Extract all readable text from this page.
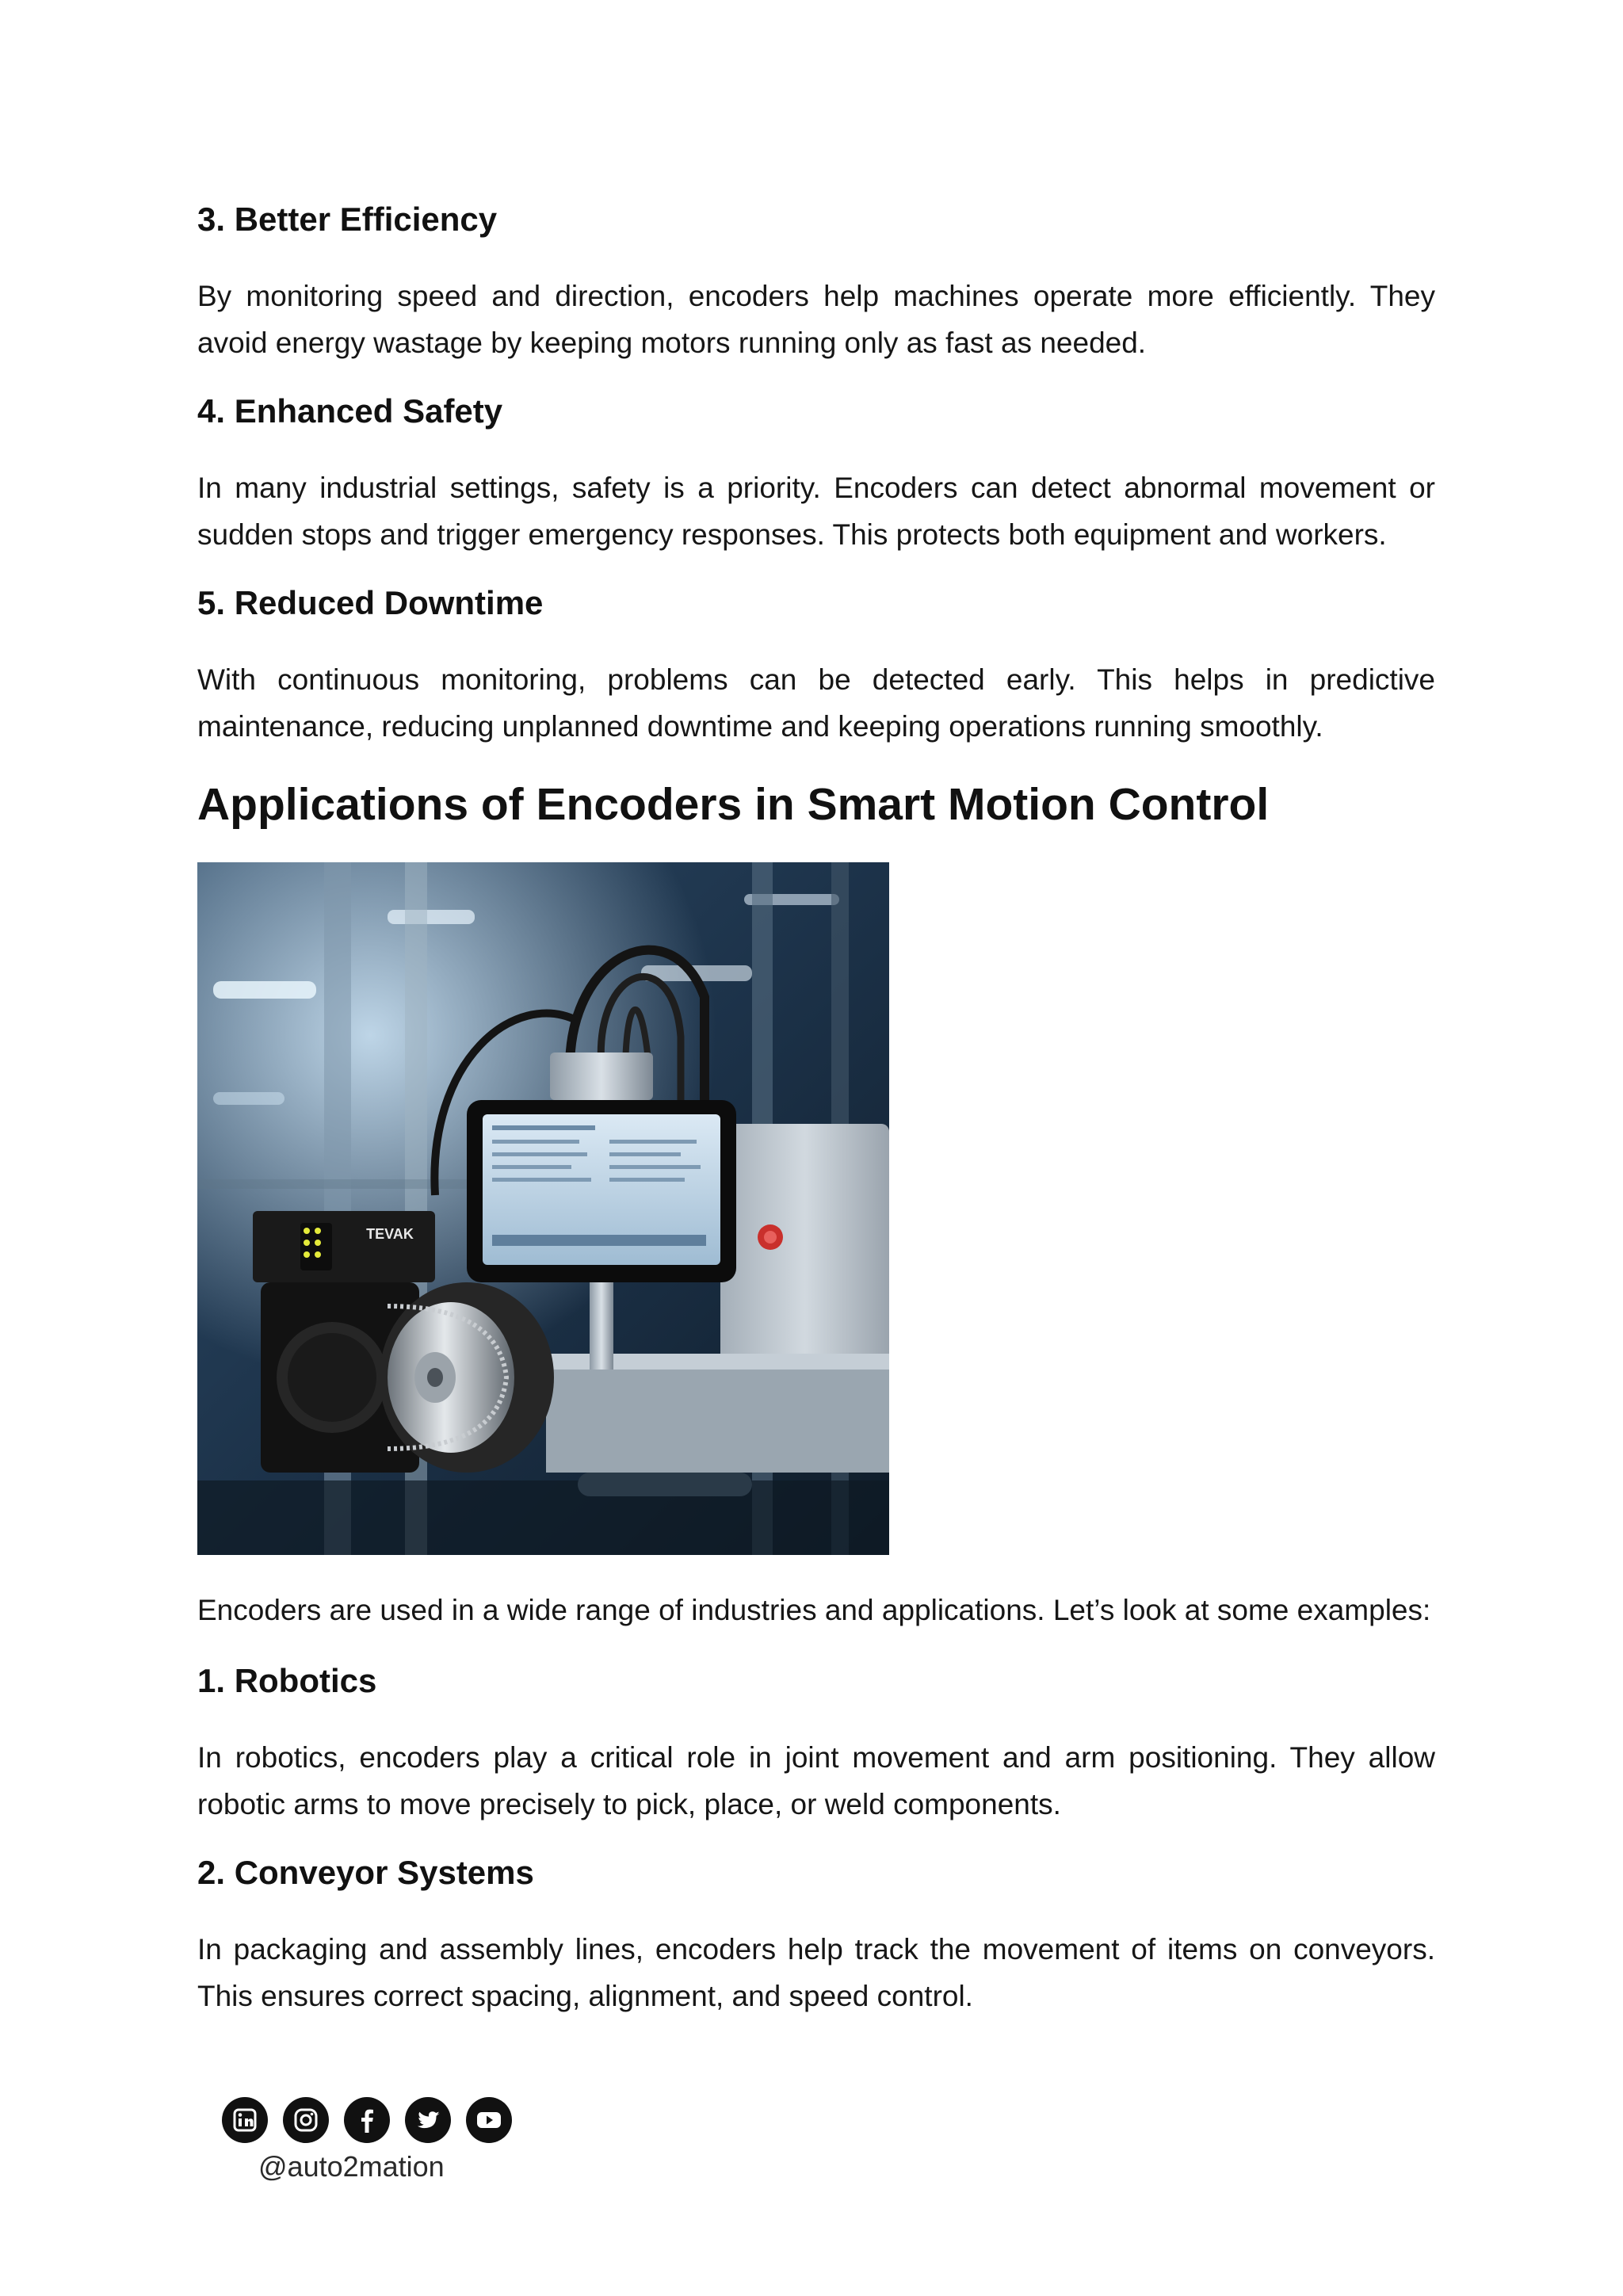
3. Better Efficiency

By monitoring speed and direction, encoders help machines operate more efficiently. They avoid energy wastage by keeping motors running only as fast as needed.

4. Enhanced Safety

In many industrial settings, safety is a priority. Encoders can detect abnormal movement or sudden stops and trigger emergency responses. This protects both equipment and workers.

5. Reduced Downtime

With continuous monitoring, problems can be detected early. This helps in predictive maintenance, reducing unplanned downtime and keeping operations running smoothly.

Applications of Encoders in Smart Motion Control
TEVAK

Encoders are used in a wide range of industries and applications. Let’s look at some examples:

1. Robotics

In robotics, encoders play a critical role in joint movement and arm positioning. They allow robotic arms to move precisely to pick, place, or weld components.

2. Conveyor Systems

In packaging and assembly lines, encoders help track the movement of items on conveyors. This ensures correct spacing, alignment, and speed control.

@auto2mation
